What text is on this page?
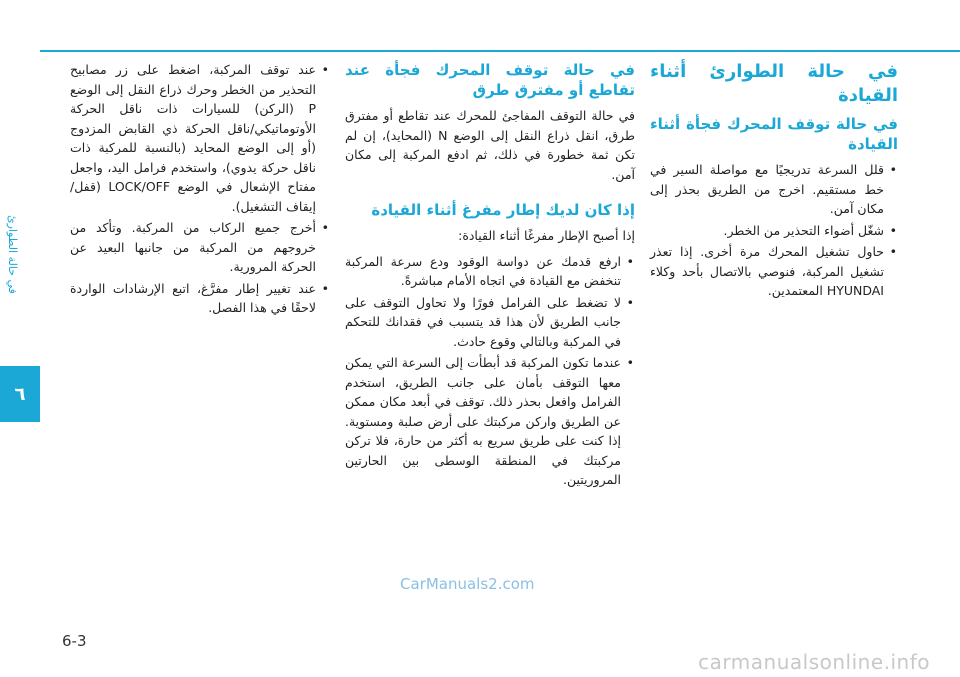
في حالة الطوارئ
٦
في حالة الطوارئ أثناء القيادة
في حالة توقف المحرك فجأة أثناء القيادة
• قلل السرعة تدريجيًا مع مواصلة السير في خط مستقيم. اخرج من الطريق بحذر إلى مكان آمن.
• شغّل أضواء التحذير من الخطر.
• حاول تشغيل المحرك مرة أخرى. إذا تعذر تشغيل المركبة، فنوصي بالاتصال بأحد وكلاء HYUNDAI المعتمدين.
في حالة توقف المحرك فجأة عند تقاطع أو مفترق طرق

في حالة التوقف المفاجئ للمحرك عند تقاطع أو مفترق طرق، انقل ذراع النقل إلى الوضع N (المحايد)، إن لم تكن ثمة خطورة في ذلك، ثم ادفع المركبة إلى مكان آمن.

إذا كان لديك إطار مفرغ أثناء القيادة

إذا أصبح الإطار مفرغًا أثناء القيادة:

• ارفع قدمك عن دواسة الوقود ودع سرعة المركبة تنخفض مع القيادة في اتجاه الأمام مباشرةً.
• لا تضغط على الفرامل فورًا ولا تحاول التوقف على جانب الطريق لأن هذا قد يتسبب في فقدانك للتحكم في المركبة وبالتالي وقوع حادث.
• عندما تكون المركبة قد أبطأت إلى السرعة التي يمكن معها التوقف بأمان على جانب الطريق، استخدم الفرامل وافعل بحذر ذلك. توقف في أبعد مكان ممكن عن الطريق واركن مركبتك على أرض صلبة ومستوية. إذا كنت على طريق سريع به أكثر من حارة، فلا تركن مركبتك في المنطقة الوسطى بين الحارتين المروريتين.
• عند توقف المركبة، اضغط على زر مصابيح التحذير من الخطر وحرك ذراع النقل إلى الوضع P (الركن) للسيارات ذات ناقل الحركة الأوتوماتيكي/ناقل الحركة ذي القابض المزدوج (أو إلى الوضع المحايد (بالنسبة للمركبة ذات ناقل حركة يدوي)، واستخدم فرامل اليد، واجعل مفتاح الإشعال في الوضع LOCK/OFF (قفل/إيقاف التشغيل).
• أخرج جميع الركاب من المركبة. وتأكد من خروجهم من المركبة من جانبها البعيد عن الحركة المرورية.
• عند تغيير إطار مفرَّغ، اتبع الإرشادات الواردة لاحقًا في هذا الفصل.
CarManuals2.com
6-3
carmanualsonline.info
